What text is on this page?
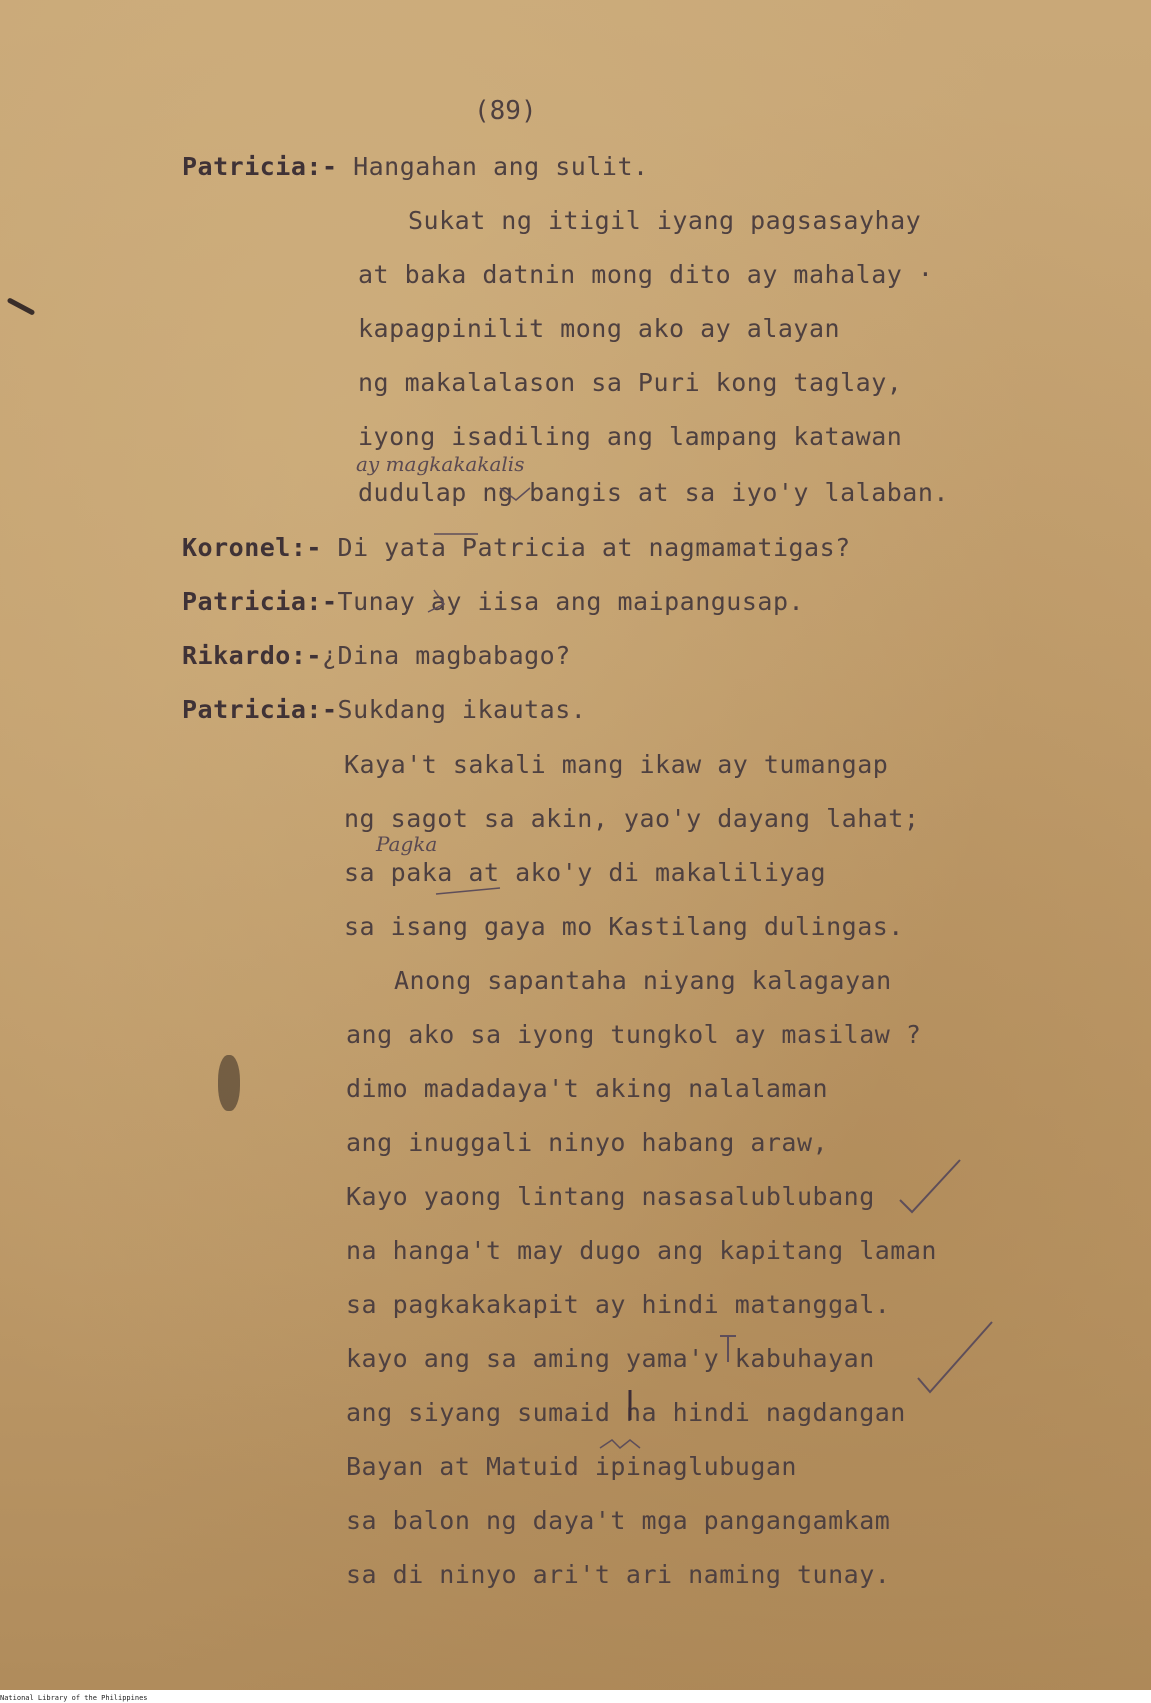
(89)
Patricia:- Hangahan ang sulit.
Sukat ng itigil iyang pagsasayhay
at baka datnin mong dito ay mahalay ·
kapagpinilit mong ako ay alayan
ng makalalason sa Puri kong taglay,
iyong isadiling ang lampang katawan
ay magkakakalis
dudulap ng bangis at sa iyo'y lalaban.
Koronel:- Di yata Patricia at nagmamatigas?
Patricia:-Tunay ay iisa ang maipangusap.
Rikardo:-¿Dina magbabago?
Patricia:-Sukdang ikautas.
Kaya't sakali mang ikaw ay tumangap
ng sagot sa akin, yao'y dayang lahat;
Pagka
sa paka at ako'y di makaliliyag
sa isang gaya mo Kastilang dulingas.
Anong sapantaha niyang kalagayan
ang ako sa iyong tungkol ay masilaw ?
dimo madadaya't aking nalalaman
ang inuggali ninyo habang araw,
Kayo yaong lintang nasasalublubang
na hanga't may dugo ang kapitang laman
sa pagkakakapit ay hindi matanggal.
kayo ang sa aming yama'y kabuhayan
ang siyang sumaid na hindi nagdangan
Bayan at Matuid ipinaglubugan
sa balon ng daya't mga pangangamkam
sa di ninyo ari't ari naming tunay.
National Library of the Philippines
